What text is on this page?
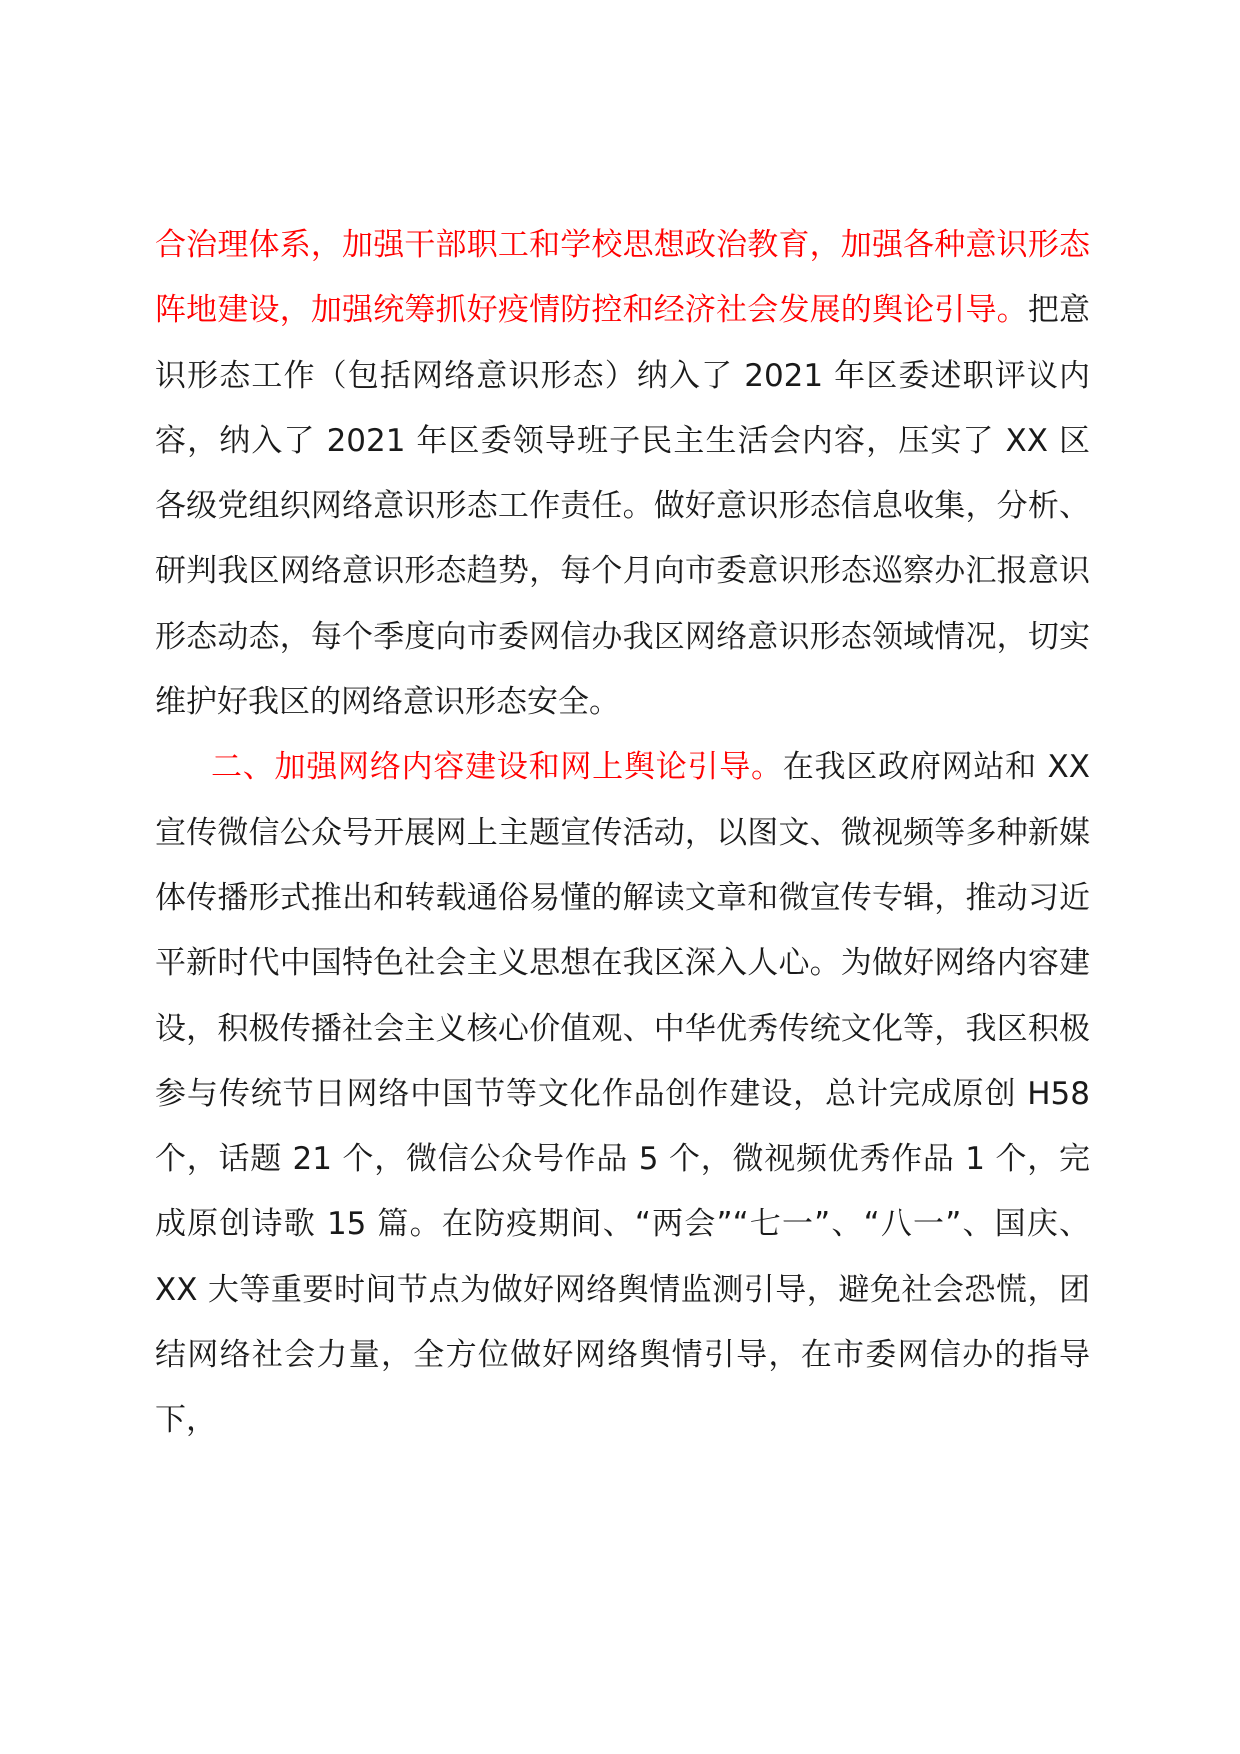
合治理体系，加强干部职工和学校思想政治教育，加强各种意识形态阵地建设，加强统筹抓好疫情防控和经济社会发展的舆论引导。把意识形态工作（包括网络意识形态）纳入了 2021 年区委述职评议内容，纳入了 2021 年区委领导班子民主生活会内容，压实了 XX 区各级党组织网络意识形态工作责任。做好意识形态信息收集，分析、研判我区网络意识形态趋势，每个月向市委意识形态巡察办汇报意识形态动态，每个季度向市委网信办我区网络意识形态领域情况，切实维护好我区的网络意识形态安全。

二、加强网络内容建设和网上舆论引导。在我区政府网站和 XX 宣传微信公众号开展网上主题宣传活动，以图文、微视频等多种新媒体传播形式推出和转载通俗易懂的解读文章和微宣传专辑，推动习近平新时代中国特色社会主义思想在我区深入人心。为做好网络内容建设，积极传播社会主义核心价值观、中华优秀传统文化等，我区积极参与传统节日网络中国节等文化作品创作建设，总计完成原创 H58 个，话题 21 个，微信公众号作品 5 个，微视频优秀作品 1 个，完成原创诗歌 15 篇。在防疫期间、“两会”“七一”、“八一”、国庆、XX 大等重要时间节点为做好网络舆情监测引导，避免社会恐慌，团结网络社会力量，全方位做好网络舆情引导，在市委网信办的指导下，
